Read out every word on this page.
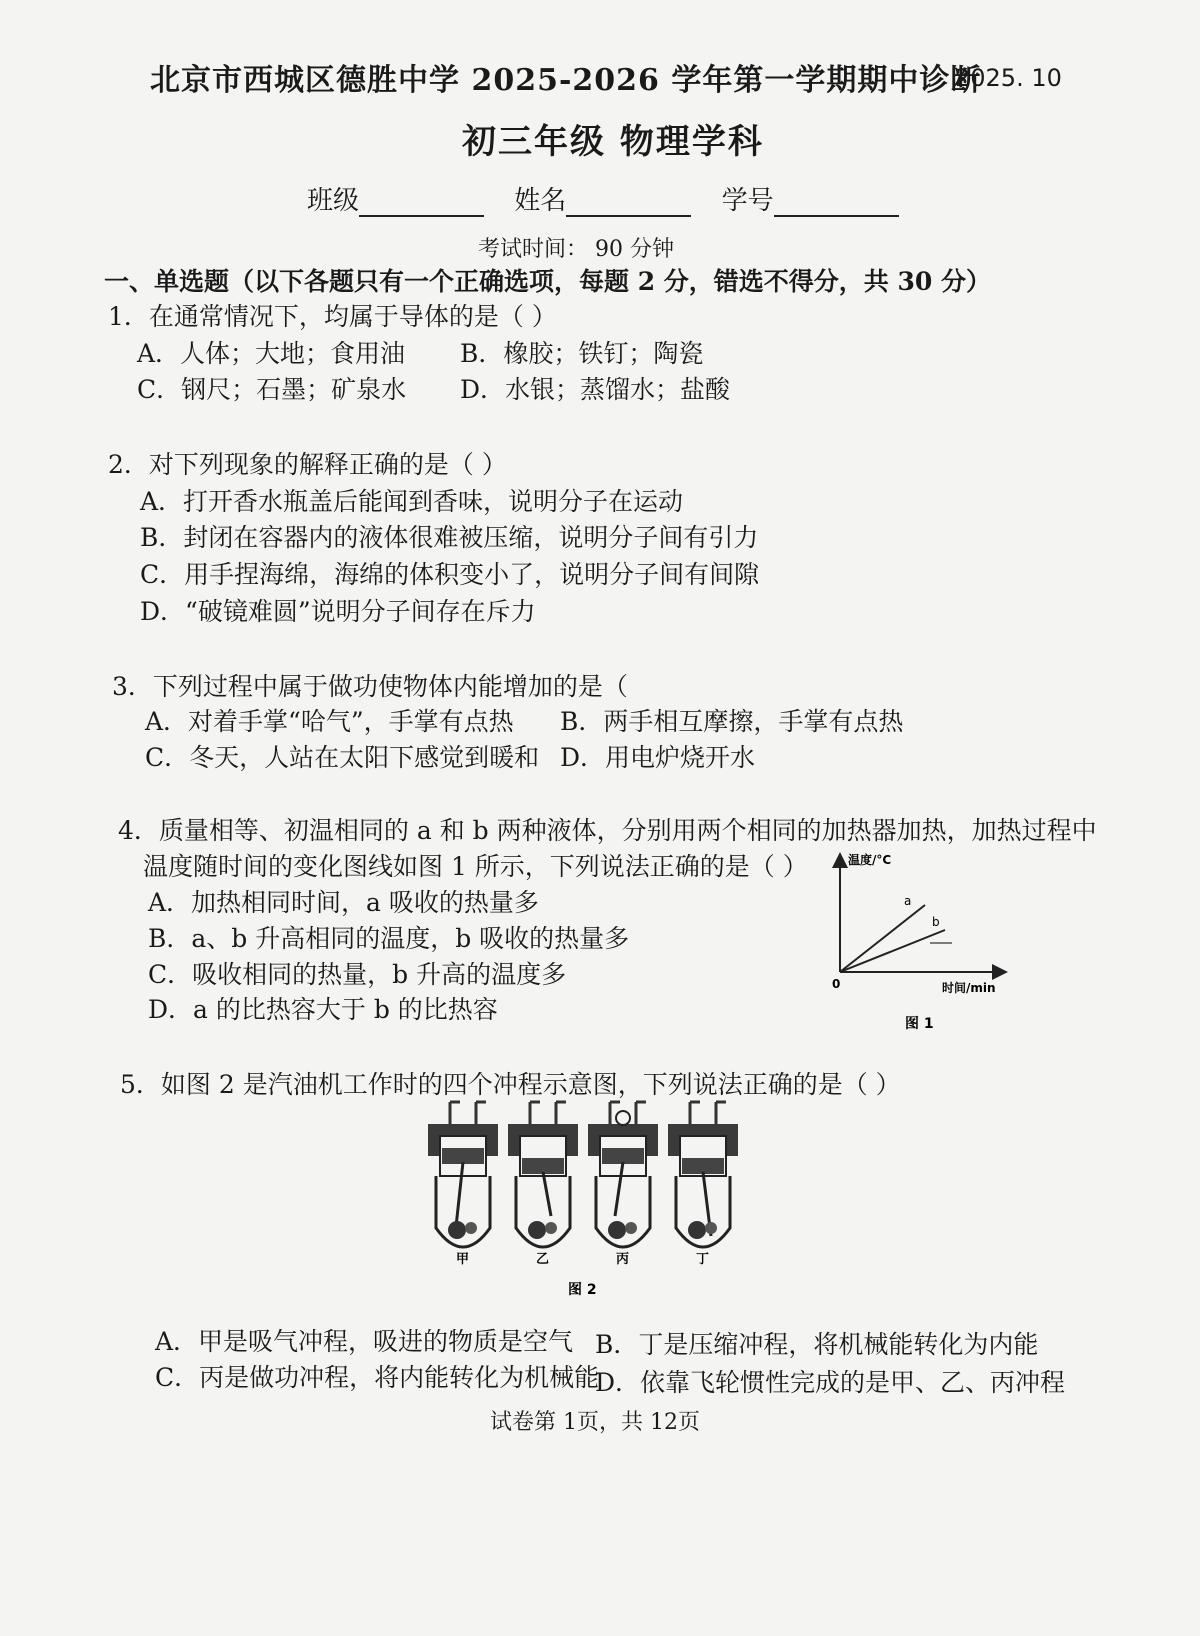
北京市西城区德胜中学 2025-2026 学年第一学期期中诊断
2025. 10
初三年级 物理学科
班级	姓名	学号
考试时间： 90 分钟
一、单选题（以下各题只有一个正确选项，每题 2 分，错选不得分，共 30 分）
1．在通常情况下，均属于导体的是（ ）
A．人体；大地；食用油 B．橡胶；铁钉；陶瓷
C．钢尺；石墨；矿泉水 D．水银；蒸馏水；盐酸
2．对下列现象的解释正确的是（ ）
A．打开香水瓶盖后能闻到香味，说明分子在运动
B．封闭在容器内的液体很难被压缩，说明分子间有引力
C．用手捏海绵，海绵的体积变小了，说明分子间有间隙
D．“破镜难圆”说明分子间存在斥力
3．下列过程中属于做功使物体内能增加的是（
A．对着手掌“哈气”，手掌有点热 B．两手相互摩擦，手掌有点热
C．冬天，人站在太阳下感觉到暖和 D．用电炉烧开水
4．质量相等、初温相同的 a 和 b 两种液体，分别用两个相同的加热器加热，加热过程中
温度随时间的变化图线如图 1 所示，下列说法正确的是（ ）
A．加热相同时间，a 吸收的热量多
B．a、b 升高相同的温度，b 吸收的热量多
C．吸收相同的热量，b 升高的温度多
D．a 的比热容大于 b 的比热容
温度/°C
时间/min
0
a
b
图 1
5．如图 2 是汽油机工作时的四个冲程示意图，下列说法正确的是（ ）
甲	乙	丙	丁
图 2
A．甲是吸气冲程，吸进的物质是空气 B．丁是压缩冲程，将机械能转化为内能
C．丙是做功冲程，将内能转化为机械能
D．依靠飞轮惯性完成的是甲、乙、丙冲程
试卷第 1页，共 12页
